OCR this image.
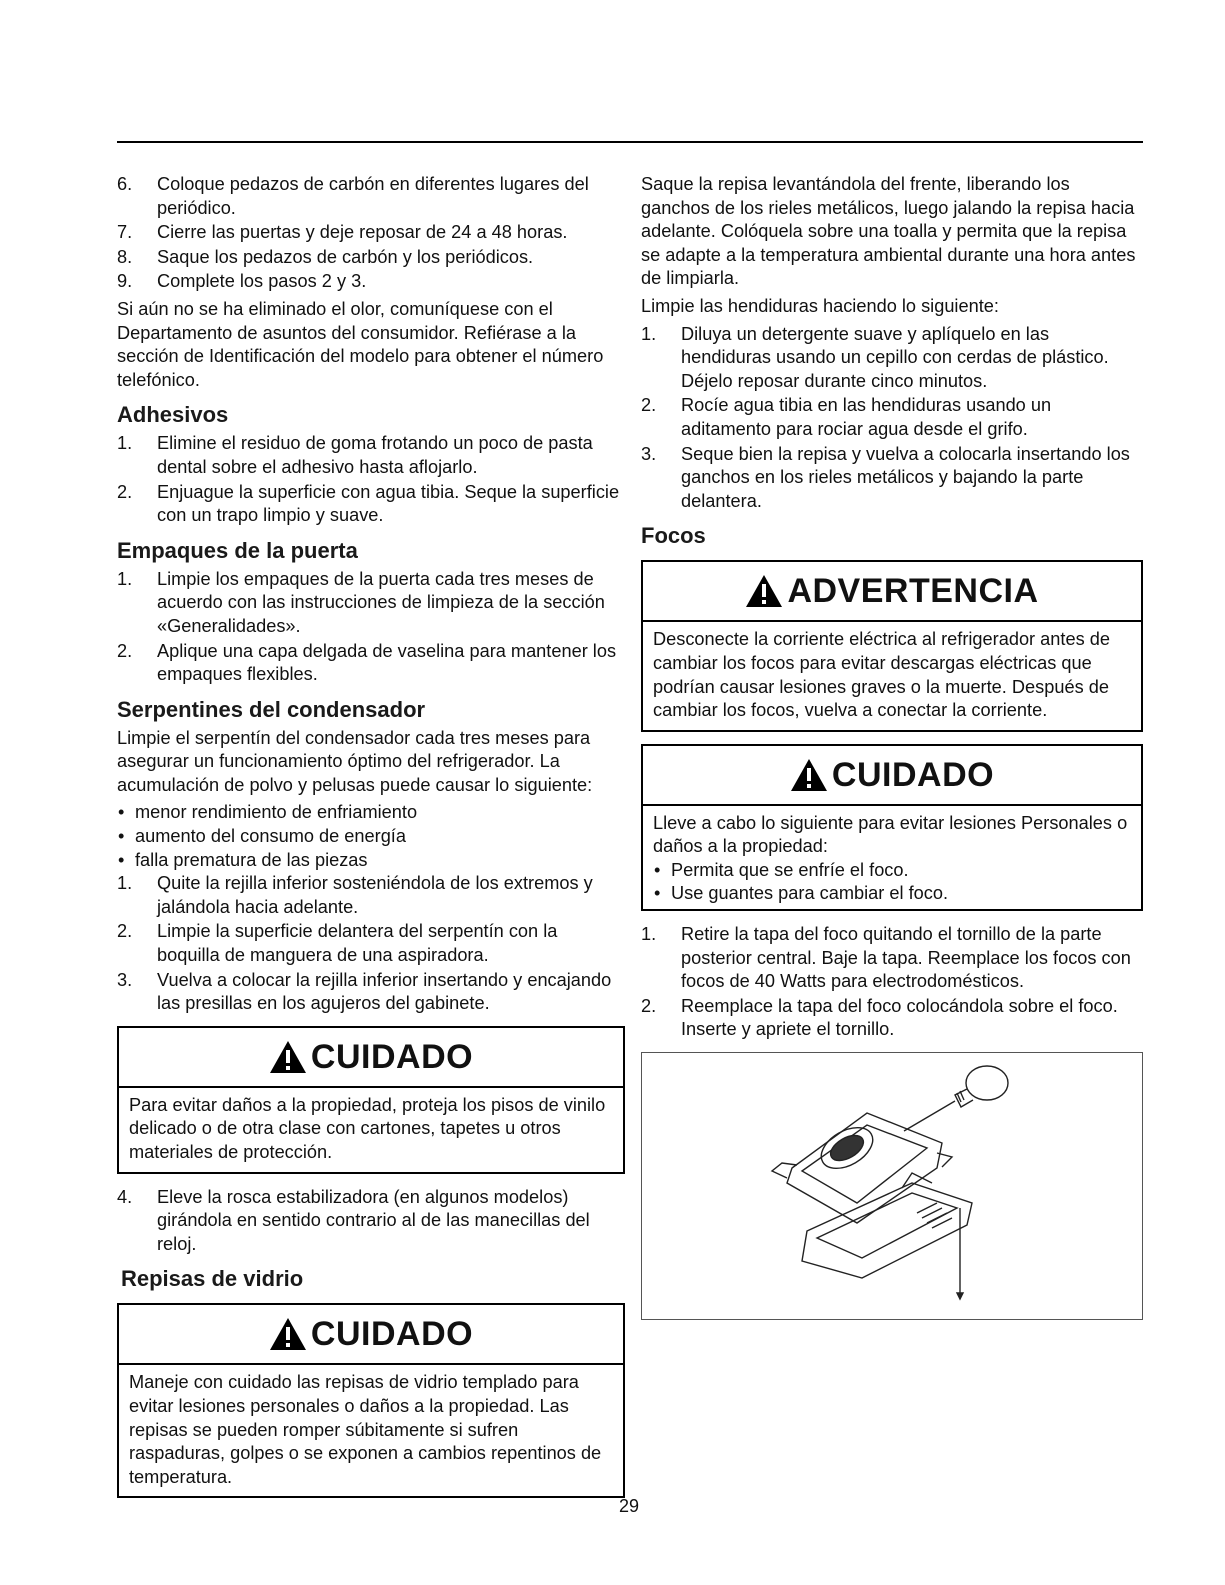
6. Coloque pedazos de carbón en diferentes lugares del periódico.
7. Cierre las puertas y deje reposar de 24 a 48 horas.
8. Saque los pedazos de carbón y los periódicos.
9. Complete los pasos 2 y 3.

Si aún no se ha eliminado el olor, comuníquese con el Departamento de asuntos del consumidor. Refiérase a la sección de Identificación del modelo para obtener el número telefónico.

Adhesivos
1. Elimine el residuo de goma frotando un poco de pasta dental sobre el adhesivo hasta aflojarlo.
2. Enjuague la superficie con agua tibia. Seque la superficie con un trapo limpio y suave.
Empaques de la puerta
1. Limpie los empaques de la puerta cada tres meses de acuerdo con las instrucciones de limpieza de la sección «Generalidades».
2. Aplique una capa delgada de vaselina para mantener los empaques flexibles.
Serpentines del condensador

Limpie el serpentín del condensador cada tres meses para asegurar un funcionamiento óptimo del refrigerador. La acumulación de polvo y pelusas puede causar lo siguiente:

• menor rendimiento de enfriamiento
• aumento del consumo de energía
• falla prematura de las piezas
1. Quite la rejilla inferior sosteniéndola de los extremos y jalándola hacia adelante.
2. Limpie la superficie delantera del serpentín con la boquilla de manguera de una aspiradora.
3. Vuelva a colocar la rejilla inferior insertando y encajando las presillas en los agujeros del gabinete.
CUIDADO

Para evitar daños a la propiedad, proteja los pisos de vinilo delicado o de otra clase con cartones, tapetes u otros materiales de protección.

4. Eleve la rosca estabilizadora (en algunos modelos) girándola en sentido contrario al de las manecillas del reloj.
Repisas de vidrio
CUIDADO

Maneje con cuidado las repisas de vidrio templado para evitar lesiones personales o daños a la propiedad. Las repisas se pueden romper súbitamente si sufren raspaduras, golpes o se exponen a cambios repentinos de temperatura.

Saque la repisa levantándola del frente, liberando los ganchos de los rieles metálicos, luego jalando la repisa hacia adelante. Colóquela sobre una toalla y permita que la repisa se adapte a la temperatura ambiental durante una hora antes de limpiarla.

Limpie las hendiduras haciendo lo siguiente:

1. Diluya un detergente suave y aplíquelo en las hendiduras usando un cepillo con cerdas de plástico. Déjelo reposar durante cinco minutos.
2. Rocíe agua tibia en las hendiduras usando un aditamento para rociar agua desde el grifo.
3. Seque bien la repisa y vuelva a colocarla insertando los ganchos en los rieles metálicos y bajando la parte delantera.
Focos
ADVERTENCIA

Desconecte la corriente eléctrica al refrigerador antes de cambiar los focos para evitar descargas eléctricas que podrían causar lesiones graves o la muerte. Después de cambiar los focos, vuelva a conectar la corriente.

CUIDADO

Lleve a cabo lo siguiente para evitar lesiones Personales o daños a la propiedad:

• Permita que se enfríe el foco.
• Use guantes para cambiar el foco.
1. Retire la tapa del foco quitando el tornillo de la parte posterior central. Baje la tapa. Reemplace los focos con focos de 40 Watts para electrodomésticos.
2. Reemplace la tapa del foco colocándola sobre el foco. Inserte y apriete el tornillo.
29
